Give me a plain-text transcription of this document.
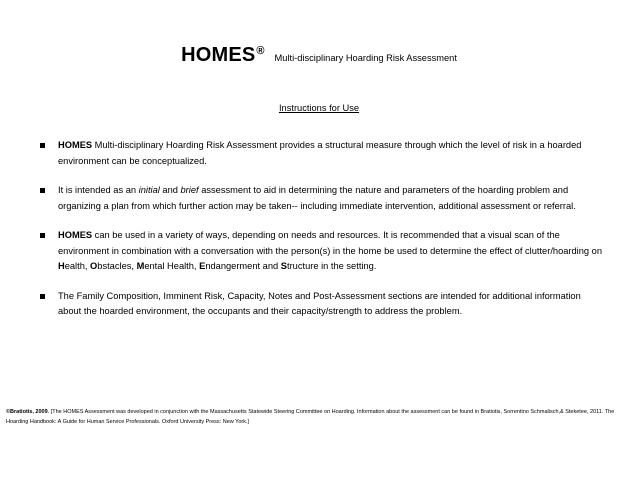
HOMES®Multi-disciplinary Hoarding Risk Assessment
Instructions for Use
HOMES Multi-disciplinary Hoarding Risk Assessment provides a structural measure through which the level of risk in a hoarded environment can be conceptualized.
It is intended as an initial and brief assessment to aid in determining the nature and parameters of the hoarding problem and organizing a plan from which further action may be taken-- including immediate intervention, additional assessment or referral.
HOMES can be used in a variety of ways, depending on needs and resources. It is recommended that a visual scan of the environment in combination with a conversation with the person(s) in the home be used to determine the effect of clutter/hoarding on Health, Obstacles, Mental Health, Endangerment and Structure in the setting.
The Family Composition, Imminent Risk, Capacity, Notes and Post-Assessment sections are intended for additional information about the hoarded environment, the occupants and their capacity/strength to address the problem.
©Bratiotis, 2009. [The HOMES Assessment was developed in conjunction with the Massachusetts Statewide Steering Committee on Hoarding. Information about the assessment can be found in Bratiotis, Sorrentino Schmalisch,& Steketee, 2011. The Hoarding Handbook: A Guide for Human Service Professionals. Oxford University Press: New York.]
